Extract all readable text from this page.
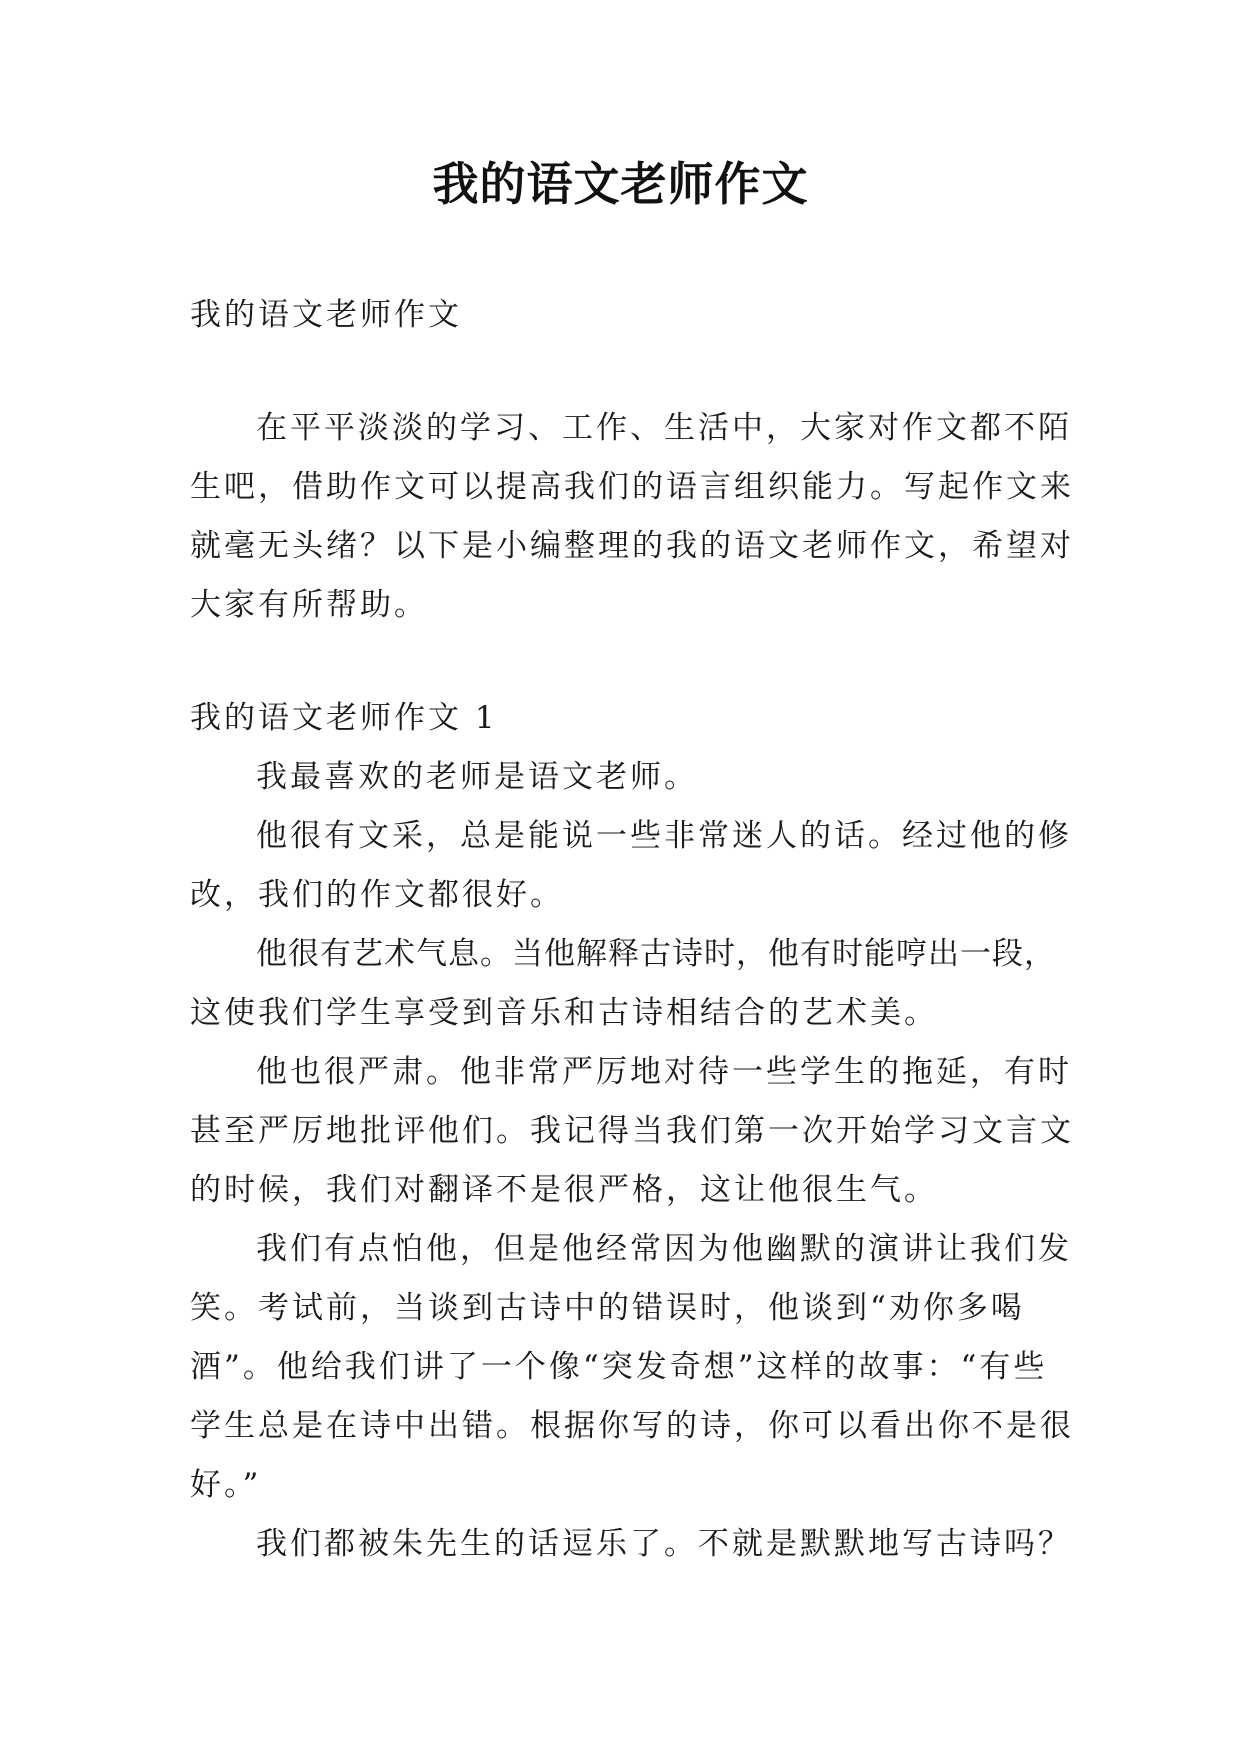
我的语文老师作文

我的语文老师作文

在平平淡淡的学习、工作、生活中，大家对作文都不陌

生吧，借助作文可以提高我们的语言组织能力。写起作文来

就毫无头绪？以下是小编整理的我的语文老师作文，希望对

大家有所帮助。

我的语文老师作文 1

我最喜欢的老师是语文老师。

他很有文采，总是能说一些非常迷人的话。经过他的修

改，我们的作文都很好。

他很有艺术气息。当他解释古诗时，他有时能哼出一段，

这使我们学生享受到音乐和古诗相结合的艺术美。

他也很严肃。他非常严厉地对待一些学生的拖延，有时

甚至严厉地批评他们。我记得当我们第一次开始学习文言文

的时候，我们对翻译不是很严格，这让他很生气。

我们有点怕他，但是他经常因为他幽默的演讲让我们发

笑。考试前，当谈到古诗中的错误时，他谈到“劝你多喝

酒”。他给我们讲了一个像“突发奇想”这样的故事：“有些

学生总是在诗中出错。根据你写的诗，你可以看出你不是很

好。”

我们都被朱先生的话逗乐了。不就是默默地写古诗吗？
